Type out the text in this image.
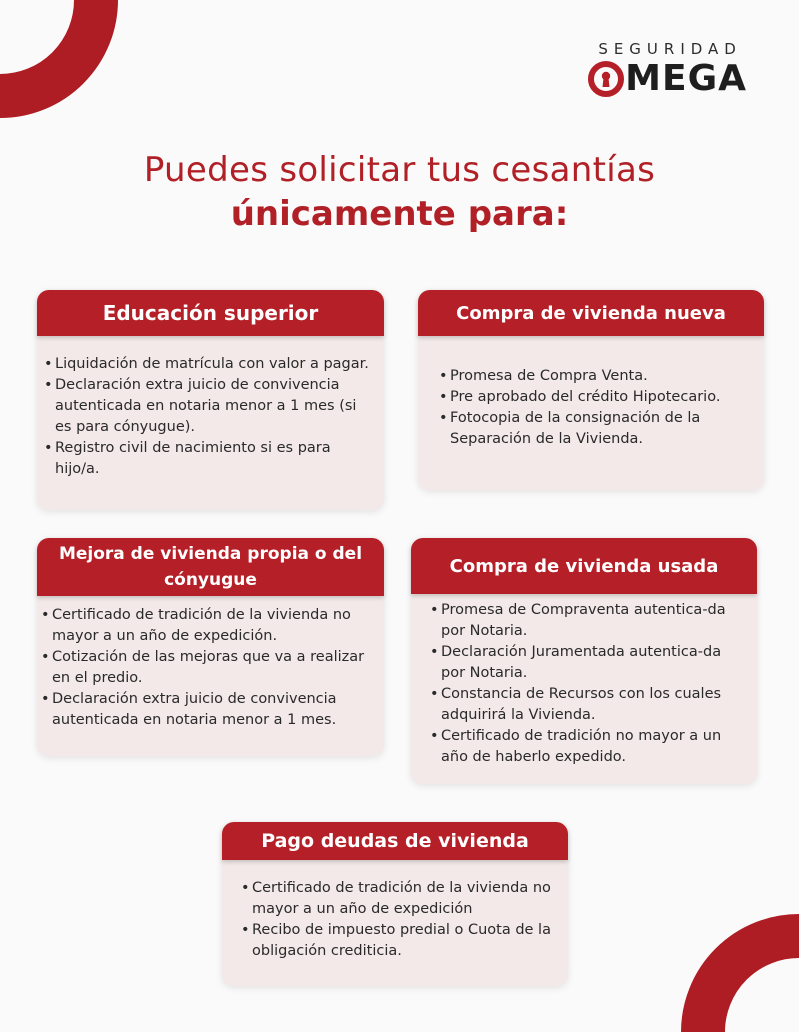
SEGURIDAD
MEGA
Puedes solicitar tus cesantías
únicamente para:
Educación superior
• Liquidación de matrícula con valor a pagar.
• Declaración extra juicio de convivencia autenticada en notaria menor a 1 mes (si es para cónyugue).
• Registro civil de nacimiento si es para hijo/a.
Compra de vivienda nueva
• Promesa de Compra Venta.
• Pre aprobado del crédito Hipotecario.
• Fotocopia de la consignación de la Separación de la Vivienda.
Mejora de vivienda propia o del cónyugue
• Certificado de tradición de la vivienda no mayor a un año de expedición.
• Cotización de las mejoras que va a realizar en el predio.
• Declaración extra juicio de convivencia autenticada en notaria menor a 1 mes.
Compra de vivienda usada
• Promesa de Compraventa autentica-da por Notaria.
• Declaración Juramentada autentica-da por Notaria.
• Constancia de Recursos con los cuales adquirirá la Vivienda.
• Certificado de tradición no mayor a un año de haberlo expedido.
Pago deudas de vivienda
• Certificado de tradición de la vivienda no mayor a un año de expedición
• Recibo de impuesto predial o Cuota de la obligación crediticia.
